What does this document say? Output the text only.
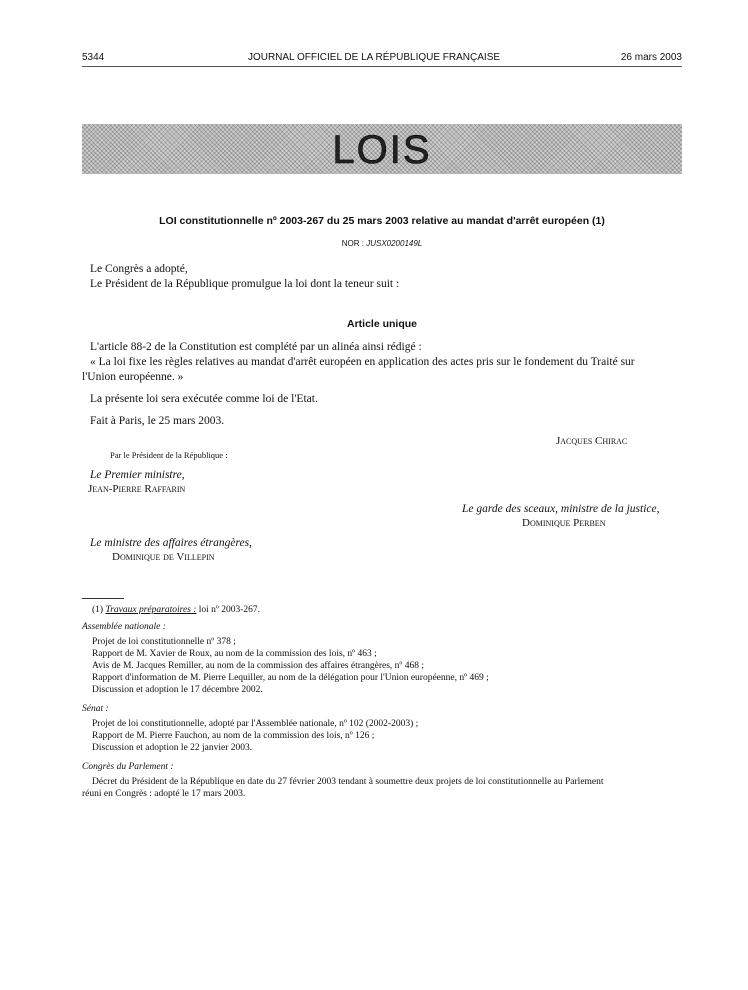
5344	JOURNAL OFFICIEL DE LA RÉPUBLIQUE FRANÇAISE	26 mars 2003
LOIS
LOI constitutionnelle nº 2003-267 du 25 mars 2003 relative au mandat d'arrêt européen (1)
NOR : JUSX0200149L
Le Congrès a adopté,
Le Président de la République promulgue la loi dont la teneur suit :
Article unique
L'article 88-2 de la Constitution est complété par un alinéa ainsi rédigé :
« La loi fixe les règles relatives au mandat d'arrêt européen en application des actes pris sur le fondement du Traité sur
l'Union européenne. »
La présente loi sera exécutée comme loi de l'Etat.
Fait à Paris, le 25 mars 2003.
Jacques Chirac
Par le Président de la République :
Le Premier ministre,
Jean-Pierre Raffarin
Le garde des sceaux, ministre de la justice,
Dominique Perben
Le ministre des affaires étrangères,
Dominique de Villepin
(1) Travaux préparatoires : loi nº 2003-267.
Assemblée nationale :
Projet de loi constitutionnelle nº 378 ;
Rapport de M. Xavier de Roux, au nom de la commission des lois, nº 463 ;
Avis de M. Jacques Remiller, au nom de la commission des affaires étrangères, nº 468 ;
Rapport d'information de M. Pierre Lequiller, au nom de la délégation pour l'Union européenne, nº 469 ;
Discussion et adoption le 17 décembre 2002.
Sénat :
Projet de loi constitutionnelle, adopté par l'Assemblée nationale, nº 102 (2002-2003) ;
Rapport de M. Pierre Fauchon, au nom de la commission des lois, nº 126 ;
Discussion et adoption le 22 janvier 2003.
Congrès du Parlement :
Décret du Président de la République en date du 27 février 2003 tendant à soumettre deux projets de loi constitutionnelle au Parlement
réuni en Congrès : adopté le 17 mars 2003.
